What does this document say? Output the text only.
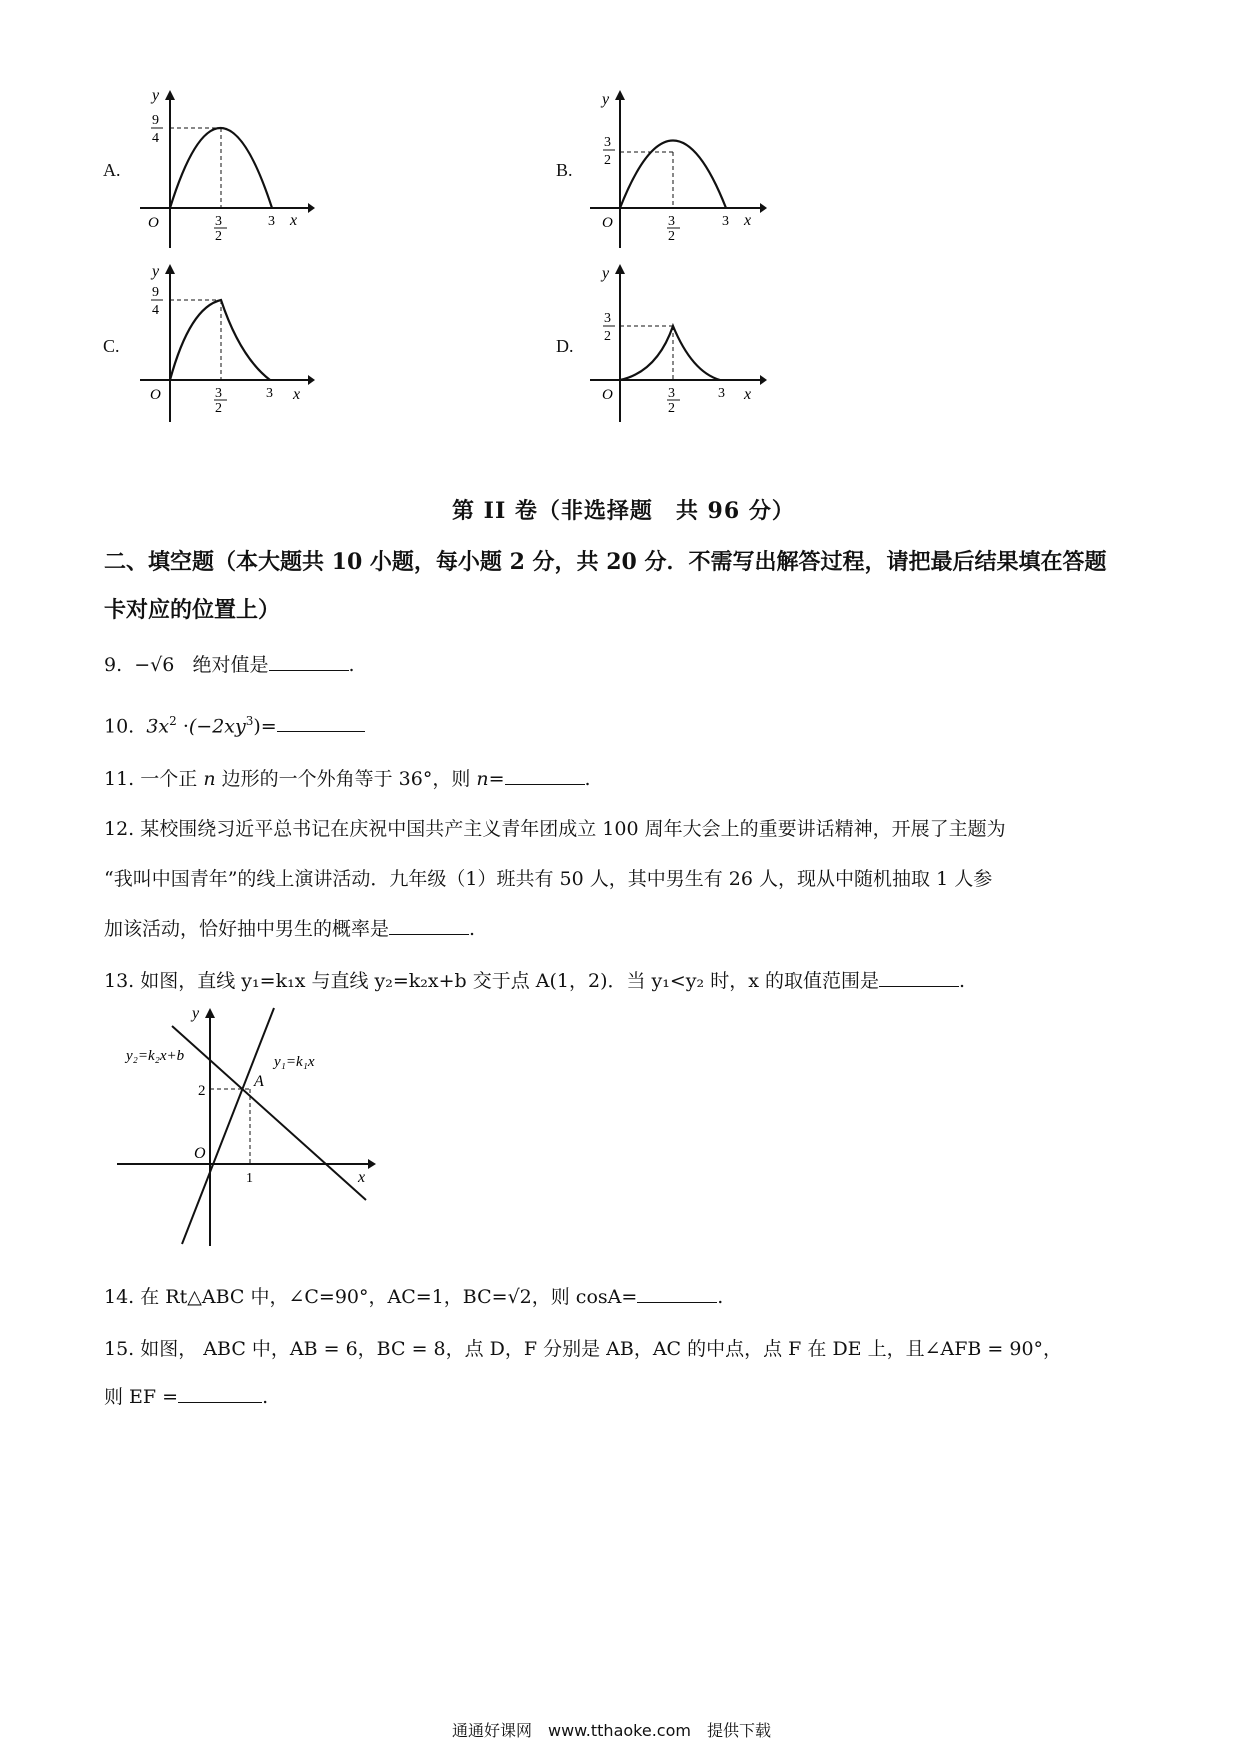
A.
y
9
4
O	3
2
3 x
B.
y
3
2
O	3
2
3 x
C.
y
9
4
O	3
2
3 x
D.
y
3
2
O	3
2
3 x
第 II 卷（非选择题　共 96 分）
二、填空题（本大题共 10 小题，每小题 2 分，共 20 分．不需写出解答过程，请把最后结果填在答题卡对应的位置上）
9. −√6 绝对值是	.
10. $3x^2 \cdot(-2xy^3)=$
11. 一个正 n 边形的一个外角等于 36°，则 n=	.
12. 某校围绕习近平总书记在庆祝中国共产主义青年团成立 100 周年大会上的重要讲话精神，开展了主题为
“我叫中国青年”的线上演讲活动．九年级（1）班共有 50 人，其中男生有 26 人，现从中随机抽取 1 人参
加该活动，恰好抽中男生的概率是	.
13. 如图，直线 y₁=k₁x 与直线 y₂=k₂x+b 交于点 A(1，2)．当 y₁<y₂ 时，x 的取值范围是	.
y
y₂=k₂x+b	y₁=k₁x
A
2
O
1	x
14. 在 Rt△ABC 中，∠C=90°，AC=1，BC=√2，则 cosA=	.
15. 如图， ABC 中，AB = 6，BC = 8，点 D，F 分别是 AB，AC 的中点，点 F 在 DE 上，且∠AFB = 90°，
则 EF =	.
通通好课网　www.tthaoke.com　提供下载
